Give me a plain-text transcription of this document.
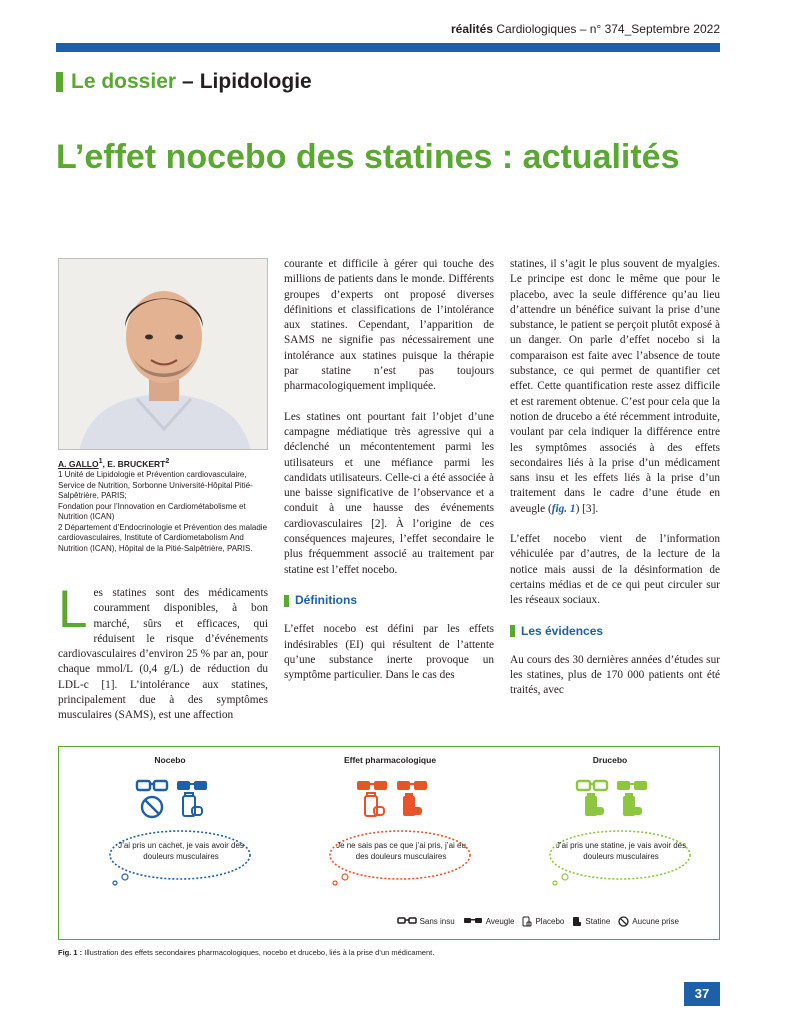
réalités Cardiologiques – n° 374_Septembre 2022
Le dossier – Lipidologie
L’effet nocebo des statines : actualités
A. GALLO$^1$, E. BRUCKERT$^2$
1 Unité de Lipidologie et Prévention cardiovasculaire, Service de Nutrition, Sorbonne Université-Hôpital Pitié-Salpêtrière, PARIS;
Fondation pour l’Innovation en Cardiométabolisme et Nutrition (ICAN)
2 Département d’Endocrinologie et Prévention des maladie cardiovasculaires, Institute of Cardiometabolism And Nutrition (ICAN), Hôpital de la Pitié-Salpêtrière, PARIS.

Les statines sont des médicaments couramment disponibles, à bon marché, sûrs et efficaces, qui réduisent le risque d’événements cardiovasculaires d’environ 25 % par an, pour chaque mmol/L (0,4 g/L) de réduction du LDL-c [1]. L’intolérance aux statines, principalement due à des symptômes musculaires (SAMS), est une affection

courante et difficile à gérer qui touche des millions de patients dans le monde. Différents groupes d’experts ont proposé diverses définitions et classifications de l’intolérance aux statines. Cependant, l’apparition de SAMS ne signifie pas nécessairement une intolérance aux statines puisque la thérapie par statine n’est pas toujours pharmacologiquement impliquée.

Les statines ont pourtant fait l’objet d’une campagne médiatique très agressive qui a déclenché un mécontentement parmi les utilisateurs et une méfiance parmi les candidats utilisateurs. Celle-ci a été associée à une baisse significative de l’observance et a conduit à une hausse des événements cardiovasculaires [2]. À l’origine de ces conséquences majeures, l’effet secondaire le plus fréquemment associé au traitement par statine est l’effet nocebo.

Définitions

L’effet nocebo est défini par les effets indésirables (EI) qui résultent de l’attente qu’une substance inerte provoque un symptôme particulier. Dans le cas des

statines, il s’agit le plus souvent de myalgies. Le principe est donc le même que pour le placebo, avec la seule différence qu’au lieu d’attendre un bénéfice suivant la prise d’une substance, le patient se perçoit plutôt exposé à un danger. On parle d’effet nocebo si la comparaison est faite avec l’absence de toute substance, ce qui permet de quantifier cet effet. Cette quantification reste assez difficile et est rarement obtenue. C’est pour cela que la notion de drucebo a été récemment introduite, voulant par cela indiquer la différence entre les symptômes associés à des effets secondaires liés à la prise d’un médicament sans insu et les effets liés à la prise d’un traitement dans le cadre d’une étude en aveugle (fig. 1) [3].

L’effet nocebo vient de l’information véhiculée par d’autres, de la lecture de la notice mais aussi de la désinformation de certains médias et de ce qui peut circuler sur les réseaux sociaux.

Les évidences

Au cours des 30 dernières années d’études sur les statines, plus de 170 000 patients ont été traités, avec

Nocebo
J’ai pris un cachet, je vais avoir des douleurs musculaires
Effet pharmacologique
Je ne sais pas ce que j’ai pris, j’ai eu des douleurs musculaires
Drucebo
J’ai pris une statine, je vais avoir des douleurs musculaires
Sans insu	Aveugle	Placebo	Statine	Aucune prise
Fig. 1 : Illustration des effets secondaires pharmacologiques, nocebo et drucebo, liés à la prise d’un médicament.
37
